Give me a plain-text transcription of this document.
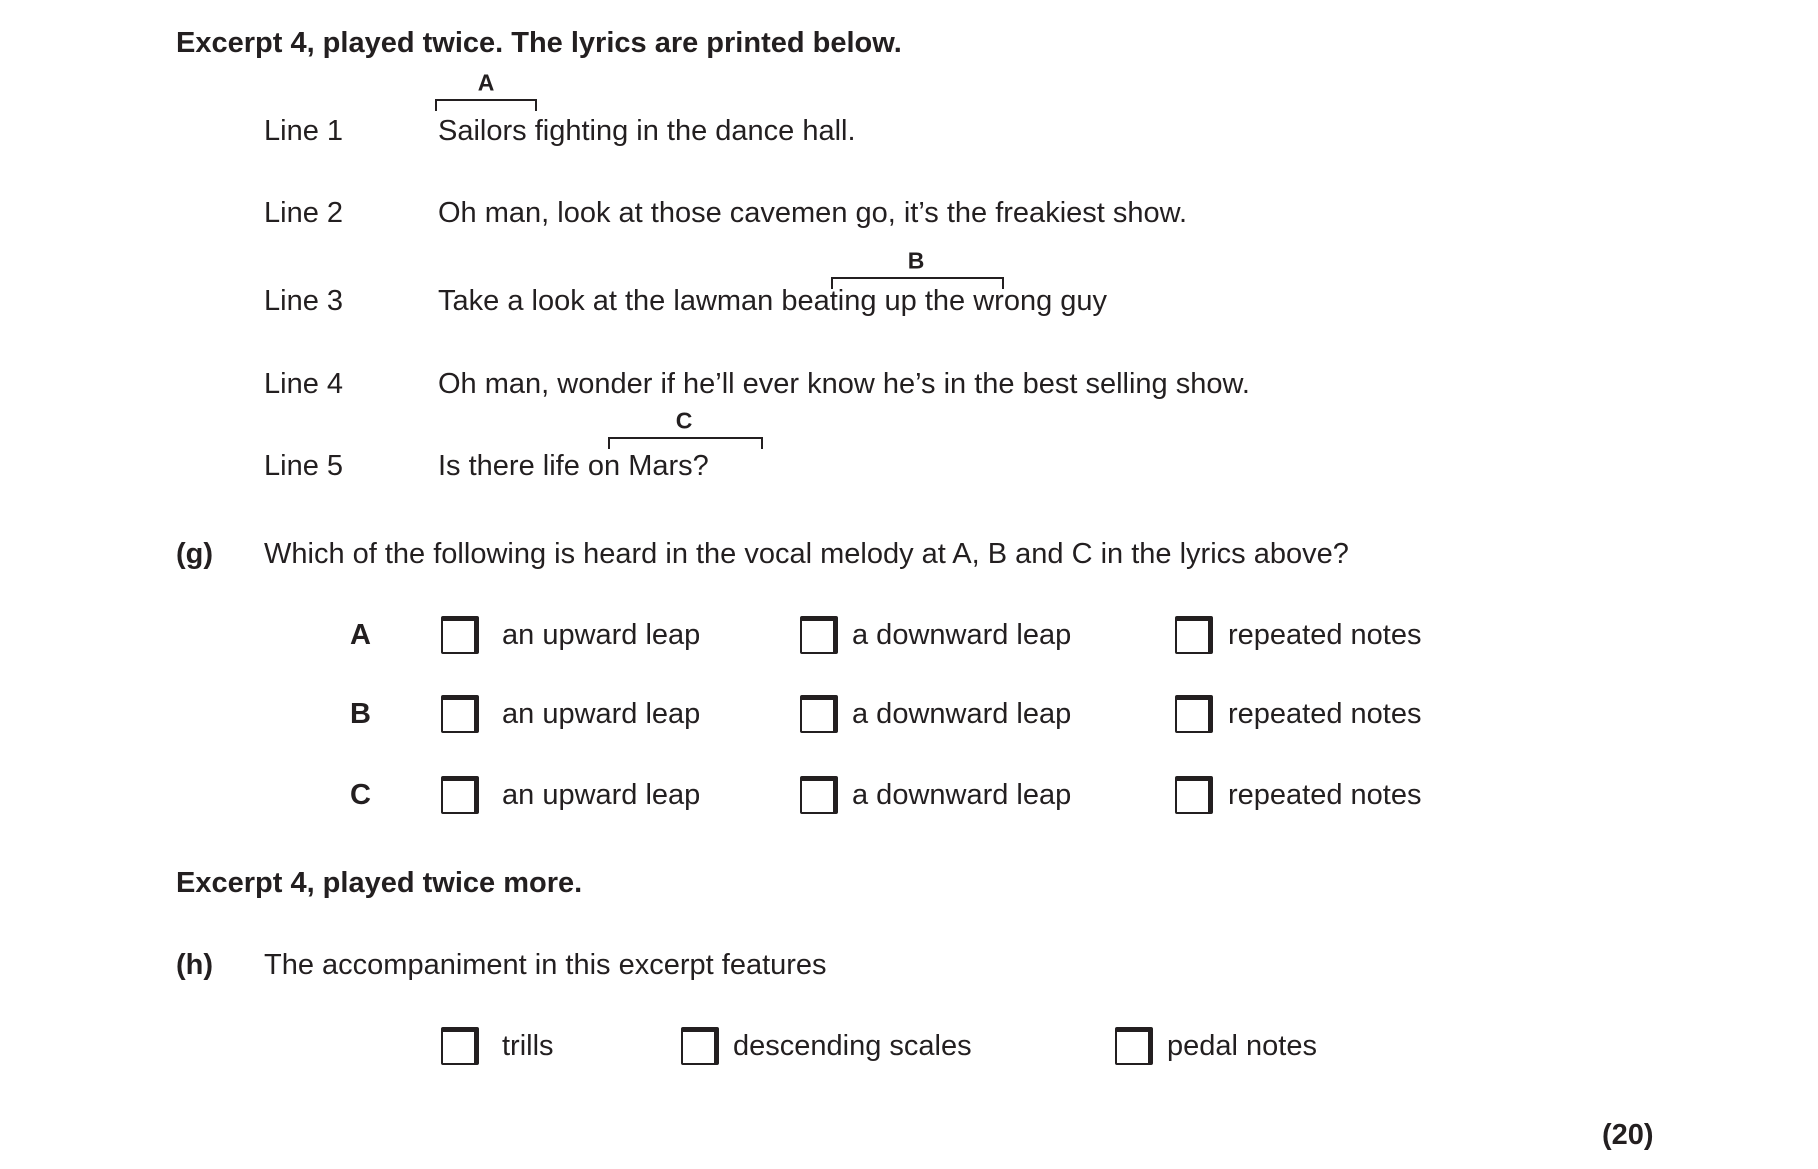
Excerpt 4, played twice. The lyrics are printed below.
A
B
C
Line 1	Sailors fighting in the dance hall.
Line 2	Oh man, look at those cavemen go, it’s the freakiest show.
Line 3	Take a look at the lawman beating up the wrong guy
Line 4	Oh man, wonder if he’ll ever know he’s in the best selling show.
Line 5	Is there life on Mars?
(g) Which of the following is heard in the vocal melody at A, B and C in the lyrics above?
A	an upward leap	a downward leap	repeated notes
B	an upward leap	a downward leap	repeated notes
C	an upward leap	a downward leap	repeated notes
Excerpt 4, played twice more.
(h) The accompaniment in this excerpt features
trills	descending scales	pedal notes
(20)
